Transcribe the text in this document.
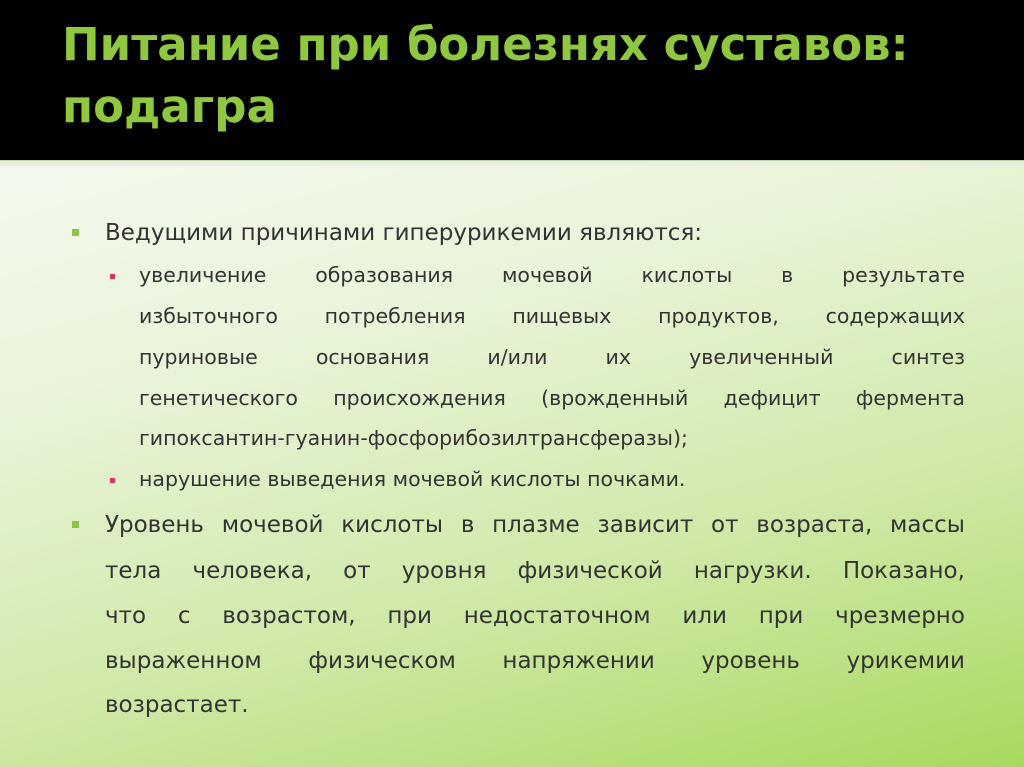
Питание при болезнях суставов:
подагра
Ведущими причинами гиперурикемии являются:
увеличение образования мочевой кислоты в результате
избыточного потребления пищевых продуктов, содержащих
пуриновые	основания	и/или	их	увеличенный	синтез
генетического происхождения (врожденный дефицит фермента
гипоксантин-гуанин-фосфорибозилтрансферазы);
нарушение выведения мочевой кислоты почками.
Уровень мочевой кислоты в плазме зависит от возраста, массы
тела человека, от уровня физической нагрузки. Показано,
что с возрастом, при недостаточном или при чрезмерно
выраженном физическом напряжении уровень урикемии
возрастает.
